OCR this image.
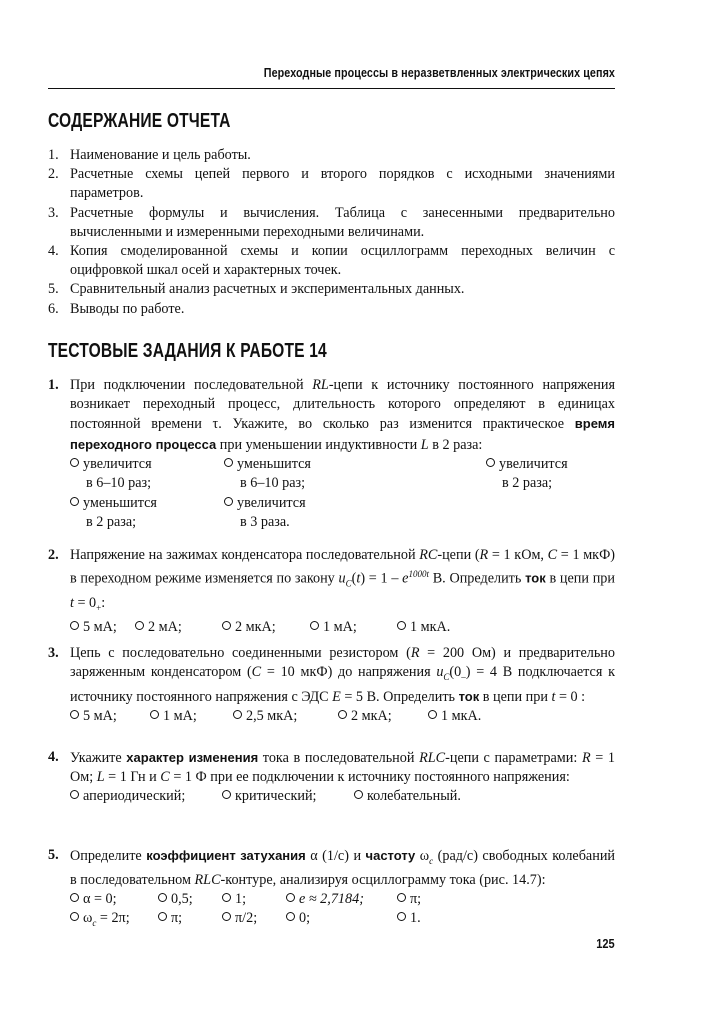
Переходные процессы в неразветвленных электрических цепях
СОДЕРЖАНИЕ ОТЧЕТА
1. Наименование и цель работы.
2. Расчетные схемы цепей первого и второго порядков с исходными значениями параметров.
3. Расчетные формулы и вычисления. Таблица с занесенными предварительно вычисленными и измеренными переходными величинами.
4. Копия смоделированной схемы и копии осциллограмм переходных величин с оцифровкой шкал осей и характерных точек.
5. Сравнительный анализ расчетных и экспериментальных данных.
6. Выводы по работе.
ТЕСТОВЫЕ ЗАДАНИЯ К РАБОТЕ 14
1. При подключении последовательной RL-цепи к источнику постоянного напряжения возникает переходный процесс, длительность которого определяют в единицах постоянной времени τ. Укажите, во сколько раз изменится практическое время переходного процесса при уменьшении индуктивности L в 2 раза:
увеличится
в 6–10 раз;
уменьшится
в 6–10 раз;
увеличится
в 2 раза;
уменьшится
в 2 раза;
увеличится
в 3 раза.
2. Напряжение на зажимах конденсатора последовательной RC-цепи (R = 1 кОм, C = 1 мкФ) в переходном режиме изменяется по закону $u_C(t) = 1 - e^{1000t}$ В. Определить ток в цепи при $t = 0_+$:
5 мА;	2 мА;	2 мкА;	1 мА;	1 мкА.
3. Цепь с последовательно соединенными резистором (R = 200 Ом) и предварительно заряженным конденсатором (C = 10 мкФ) до напряжения $u_C(0_-) = 4$ В подключается к источнику постоянного напряжения с ЭДС E = 5 В. Определить ток в цепи при t = 0 :
5 мА;	1 мА;	2,5 мкА;	2 мкА;	1 мкА.
4. Укажите характер изменения тока в последовательной RLC-цепи с параметрами: R = 1 Ом; L = 1 Гн и C = 1 Ф при ее подключении к источнику постоянного напряжения:
апериодический;	критический;	колебательный.
5. Определите коэффициент затухания α (1/с) и частоту $\omega_c$ (рад/с) свободных колебаний в последовательном RLC-контуре, анализируя осциллограмму тока (рис. 14.7):
α = 0;	0,5;	1;	e ≈ 2,7184;	π;
$\omega_c = 2\pi$;	π;	π/2;	0;	1.
125
